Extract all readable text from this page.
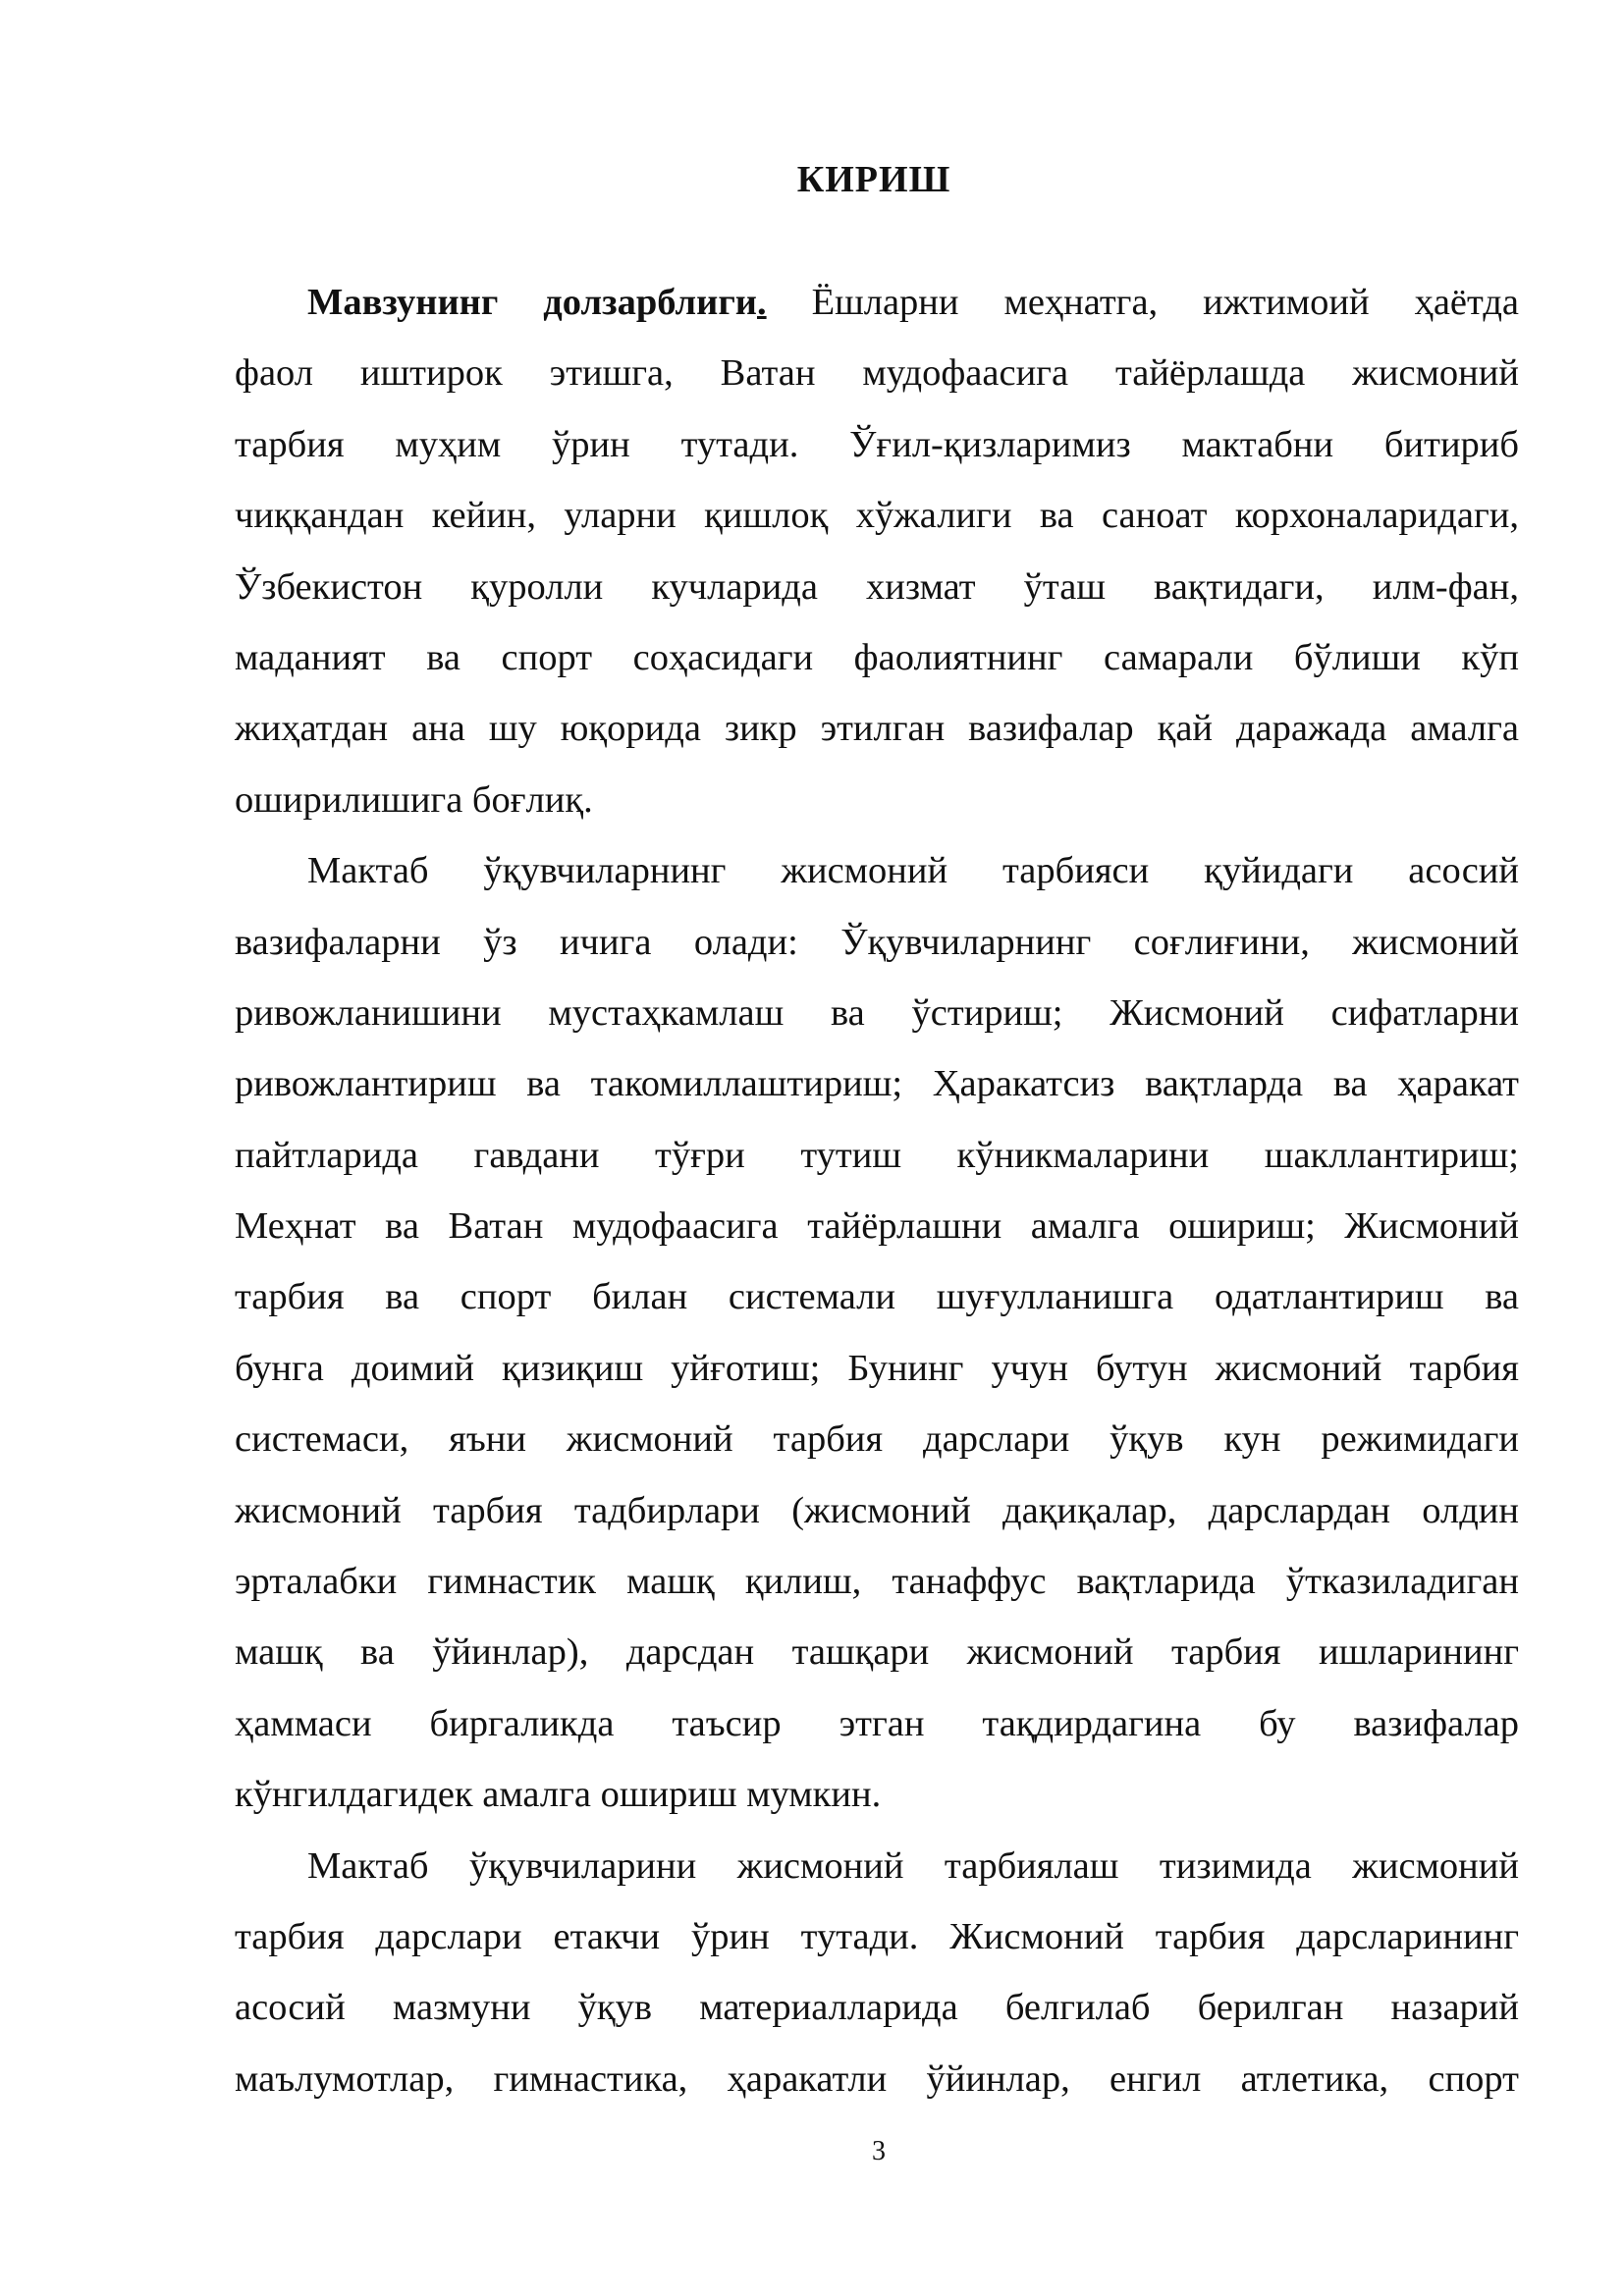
КИРИШ
Мавзунинг долзарблиги. Ёшларни меҳнатга, ижтимоий ҳаётда
фаол иштирок этишга, Ватан мудофаасига тайёрлашда жисмоний
тарбия муҳим ўрин тутади. Ўғил-қизларимиз мактабни битириб
чиққандан кейин, уларни қишлоқ хўжалиги ва саноат корхоналаридаги,
Ўзбекистон қуролли кучларида хизмат ўташ вақтидаги, илм-фан,
маданият ва спорт соҳасидаги фаолиятнинг самарали бўлиши кўп
жиҳатдан ана шу юқорида зикр этилган вазифалар қай даражада амалга
оширилишига боғлиқ.
Мактаб ўқувчиларнинг жисмоний тарбияси қуйидаги асосий
вазифаларни ўз ичига олади: Ўқувчиларнинг соғлиғини, жисмоний
ривожланишини мустаҳкамлаш ва ўстириш; Жисмоний сифатларни
ривожлантириш ва такомиллаштириш; Ҳаракатсиз вақтларда ва ҳаракат
пайтларида гавдани тўғри тутиш кўникмаларини шакллантириш;
Меҳнат ва Ватан мудофаасига тайёрлашни амалга ошириш; Жисмоний
тарбия ва спорт билан системали шуғулланишга одатлантириш ва
бунга доимий қизиқиш уйғотиш; Бунинг учун бутун жисмоний тарбия
системаси, яъни жисмоний тарбия дарслари ўқув кун режимидаги
жисмоний тарбия тадбирлари (жисмоний дақиқалар, дарслардан олдин
эрталабки гимнастик машқ қилиш, танаффус вақтларида ўтказиладиган
машқ ва ўйинлар), дарсдан ташқари жисмоний тарбия ишларининг
ҳаммаси биргаликда таъсир этган тақдирдагина бу вазифалар
кўнгилдагидек амалга ошириш мумкин.
Мактаб ўқувчиларини жисмоний тарбиялаш тизимида жисмоний
тарбия дарслари етакчи ўрин тутади. Жисмоний тарбия дарсларининг
асосий мазмуни ўқув материалларида белгилаб берилган назарий
маълумотлар, гимнастика, ҳаракатли ўйинлар, енгил атлетика, спорт
3
